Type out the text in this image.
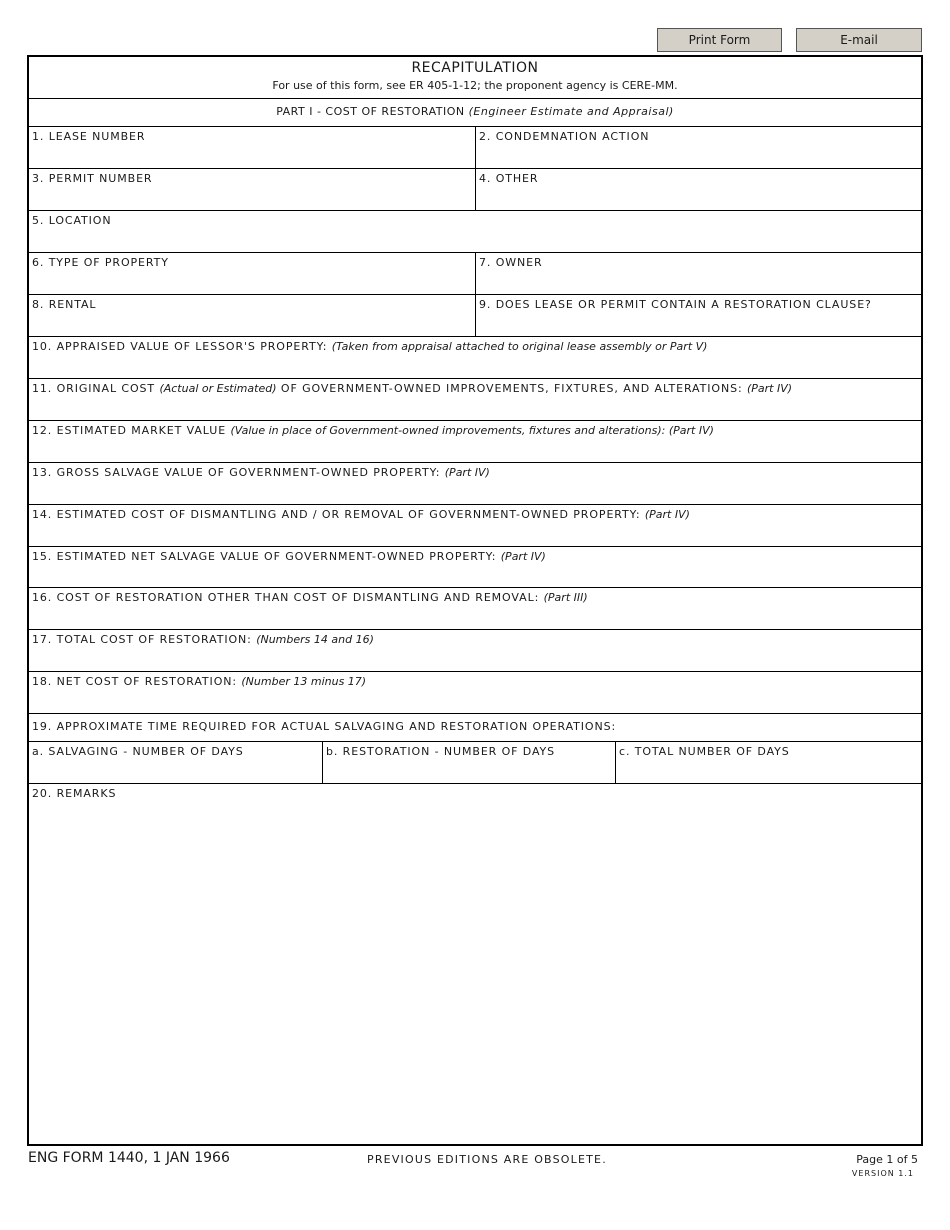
Print Form	E-mail
RECAPITULATION
For use of this form, see ER 405-1-12; the proponent agency is CERE-MM.
PART I - COST OF RESTORATION (Engineer Estimate and Appraisal)
1. LEASE NUMBER	2. CONDEMNATION ACTION
3. PERMIT NUMBER	4. OTHER
5. LOCATION
6. TYPE OF PROPERTY	7. OWNER
8. RENTAL	9. DOES LEASE OR PERMIT CONTAIN A RESTORATION CLAUSE?
10. APPRAISED VALUE OF LESSOR'S PROPERTY: (Taken from appraisal attached to original lease assembly or Part V)
11. ORIGINAL COST (Actual or Estimated) OF GOVERNMENT-OWNED IMPROVEMENTS, FIXTURES, AND ALTERATIONS: (Part IV)
12. ESTIMATED MARKET VALUE (Value in place of Government-owned improvements, fixtures and alterations): (Part IV)
13. GROSS SALVAGE VALUE OF GOVERNMENT-OWNED PROPERTY: (Part IV)
14. ESTIMATED COST OF DISMANTLING AND / OR REMOVAL OF GOVERNMENT-OWNED PROPERTY: (Part IV)
15. ESTIMATED NET SALVAGE VALUE OF GOVERNMENT-OWNED PROPERTY: (Part IV)
16. COST OF RESTORATION OTHER THAN COST OF DISMANTLING AND REMOVAL: (Part III)
17. TOTAL COST OF RESTORATION: (Numbers 14 and 16)
18. NET COST OF RESTORATION: (Number 13 minus 17)
19. APPROXIMATE TIME REQUIRED FOR ACTUAL SALVAGING AND RESTORATION OPERATIONS:
a. SALVAGING - NUMBER OF DAYS	b. RESTORATION - NUMBER OF DAYS	c. TOTAL NUMBER OF DAYS
20. REMARKS
ENG FORM 1440, 1 JAN 1966	PREVIOUS EDITIONS ARE OBSOLETE.	Page 1 of 5
VERSION 1.1
